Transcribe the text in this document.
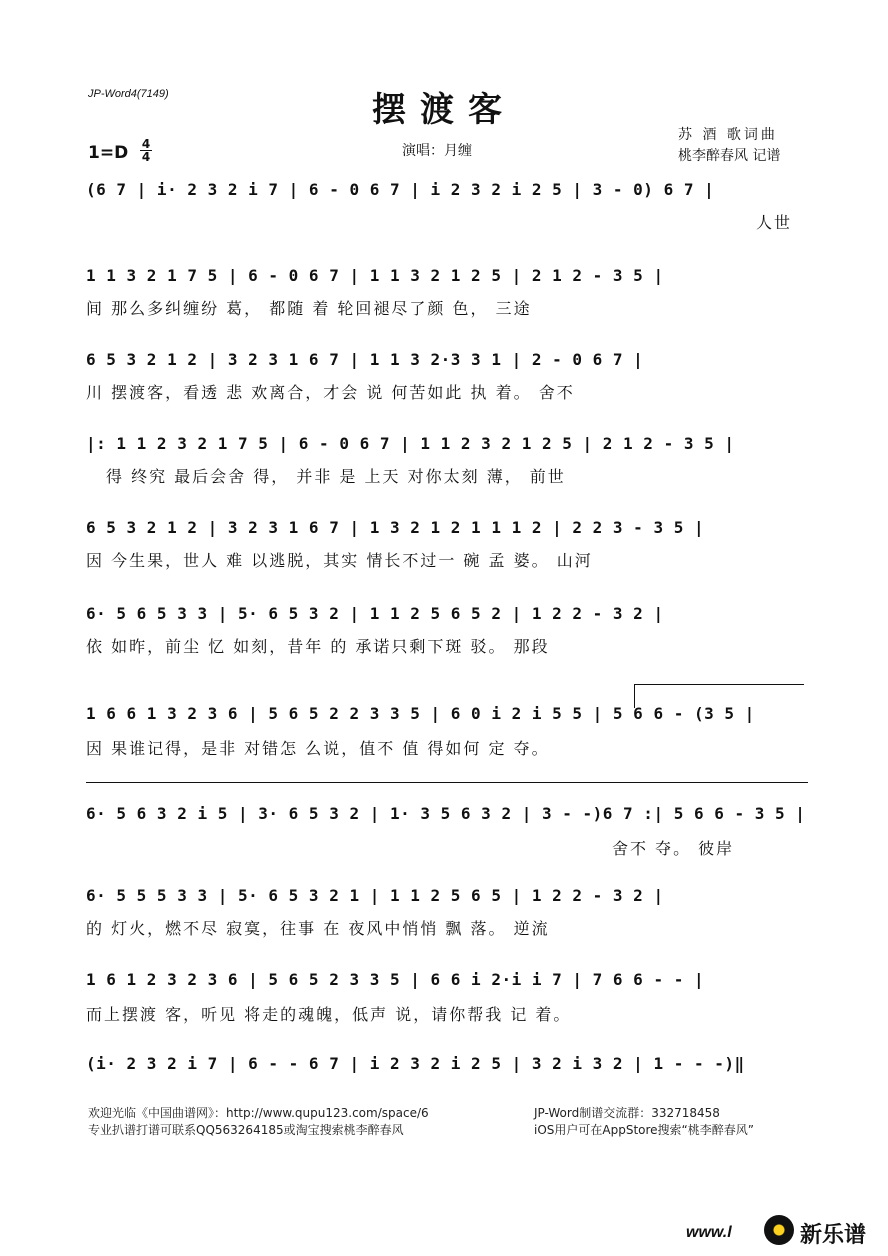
JP-Word4(7149)	摆渡客
苏 酒 歌词曲
桃李醉春风 记谱
1=D 4
4	演唱：月缠
(6 7 | i· 2 3 2 i 7 | 6 - 0 6 7 | i 2 3 2 i 2 5 | 3 - 0) 6 7 |
人世
1 1 3 2 1 7 5 | 6 - 0 6 7 | 1 1 3 2 1 2 5 | 2 1 2 - 3 5 |
间 那么多纠缠纷 葛， 都随 着 轮回褪尽了颜 色， 三途
6 5 3 2 1 2 | 3 2 3 1 6 7 | 1 1 3 2·3 3 1 | 2 - 0 6 7 |
川 摆渡客，看透 悲 欢离合，才会 说 何苦如此 执 着。 舍不
|: 1 1 2 3 2 1 7 5 | 6 - 0 6 7 | 1 1 2 3 2 1 2 5 | 2 1 2 - 3 5 |
得 终究 最后会舍 得， 并非 是 上天 对你太刻 薄， 前世
6 5 3 2 1 2 | 3 2 3 1 6 7 | 1 3 2 1 2 1 1 1 2 | 2 2 3 - 3 5 |
因 今生果，世人 难 以逃脱，其实 情长不过一 碗 孟 婆。 山河
6· 5 6 5 3 3 | 5· 6 5 3 2 | 1 1 2 5 6 5 2 | 1 2 2 - 3 2 |
依 如昨，前尘 忆 如刻，昔年 的 承诺只剩下斑 驳。 那段
1 6 6 1 3 2 3 6 | 5 6 5 2 2 3 3 5 | 6 0 i 2 i 5 5 | 5 6 6 - (3 5 |
因 果谁记得，是非 对错怎 么说，值不 值 得如何 定 夺。
6· 5 6 3 2 i 5 | 3· 6 5 3 2 | 1· 3 5 6 3 2 | 3 - -)6 7 :| 5 6 6 - 3 5 |
舍不 夺。 彼岸
6· 5 5 5 3 3 | 5· 6 5 3 2 1 | 1 1 2 5 6 5 | 1 2 2 - 3 2 |
的 灯火，燃不尽 寂寞，往事 在 夜风中悄悄 飘 落。 逆流
1 6 1 2 3 2 3 6 | 5 6 5 2 3 3 5 | 6 6 i 2·i i 7 | 7 6 6 - - |
而上摆渡 客，听见 将走的魂魄，低声 说，请你帮我 记 着。
(i· 2 3 2 i 7 | 6 - - 6 7 | i 2 3 2 i 2 5 | 3 2 i 3 2 | 1 - - -)‖
欢迎光临《中国曲谱网》：http://www.qupu123.com/space/6
专业扒谱打谱可联系QQ563264185或淘宝搜索桃李醉春风
JP-Word制谱交流群：332718458
iOS用户可在AppStore搜索“桃李醉春风”
www.l	新乐谱
